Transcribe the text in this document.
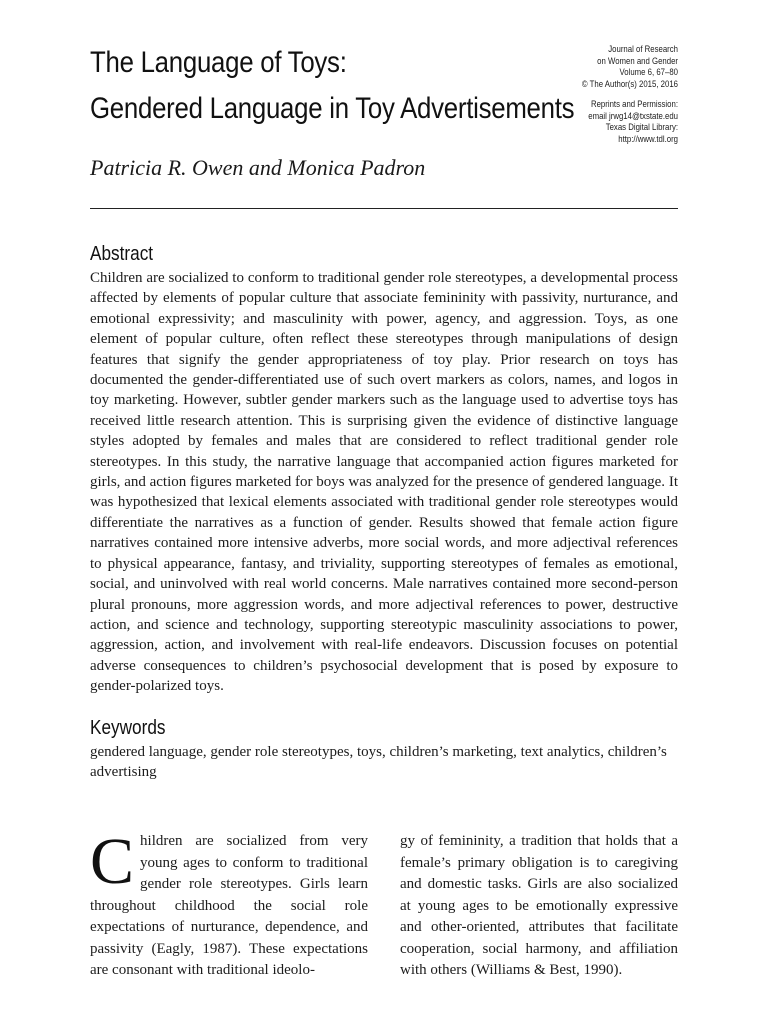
The Language of Toys:
Gendered Language in Toy Advertisements
Patricia R. Owen and Monica Padron
Journal of Research
on Women and Gender
Volume 6, 67–80
© The Author(s) 2015, 2016
Reprints and Permission:
email jrwg14@txstate.edu
Texas Digital Library:
http://www.tdl.org
Abstract
Children are socialized to conform to traditional gender role stereotypes, a developmental process affected by elements of popular culture that associate femininity with passivity, nurturance, and emotional expressivity; and masculinity with power, agency, and aggression. Toys, as one element of popular culture, often reflect these stereotypes through manipulations of design features that signify the gender appropriateness of toy play. Prior research on toys has documented the gender-differentiated use of such overt markers as colors, names, and logos in toy marketing. However, subtler gender markers such as the language used to advertise toys has received little research attention. This is surprising given the evidence of distinctive language styles adopted by females and males that are considered to reflect traditional gender role stereotypes. In this study, the narrative language that accompanied action figures marketed for girls, and action figures marketed for boys was analyzed for the presence of gendered language. It was hypothesized that lexical elements associated with traditional gender role stereotypes would differentiate the narratives as a function of gender. Results showed that female action figure narratives contained more intensive adverbs, more social words, and more adjectival references to physical appearance, fantasy, and triviality, supporting stereotypes of females as emotional, social, and uninvolved with real world concerns. Male narratives contained more second-person plural pronouns, more aggression words, and more adjectival references to power, destructive action, and science and technology, supporting stereotypic masculinity associations to power, aggression, action, and involvement with real-life endeavors. Discussion focuses on potential adverse consequences to children’s psychosocial development that is posed by exposure to gender-polarized toys.
Keywords
gendered language, gender role stereotypes, toys, children’s marketing, text analytics, children’s advertising
Children are socialized from very young ages to conform to traditional gender role stereotypes. Girls learn throughout childhood the social role expectations of nurturance, dependence, and passivity (Eagly, 1987). These expectations are consonant with traditional ideolo-
gy of femininity, a tradition that holds that a female’s primary obligation is to caregiving and domestic tasks. Girls are also socialized at young ages to be emotionally expressive and other-oriented, attributes that facilitate cooperation, social harmony, and affiliation with others (Williams & Best, 1990).
